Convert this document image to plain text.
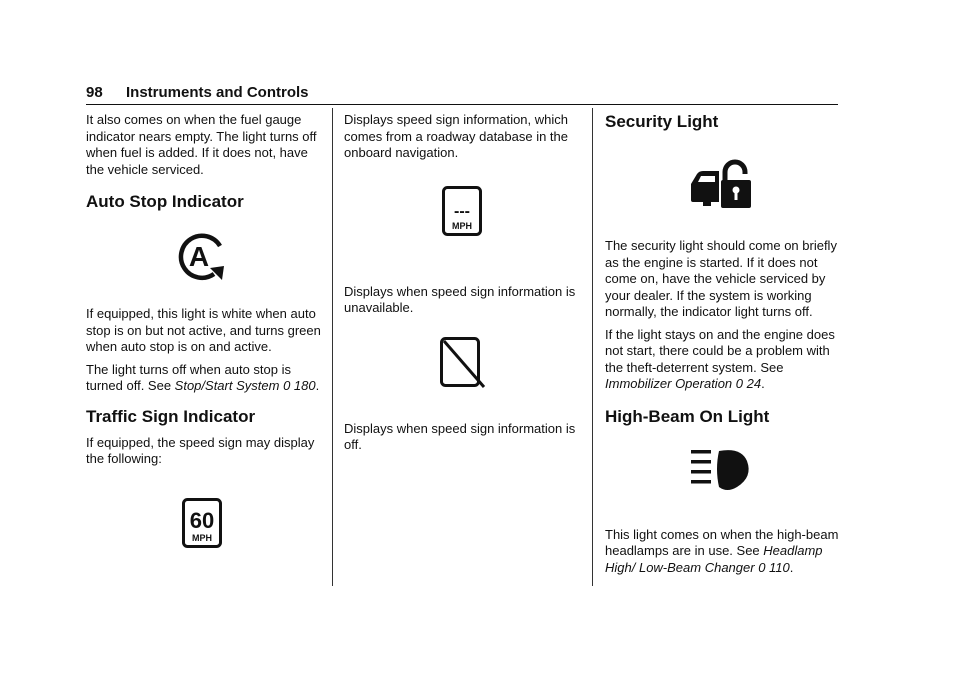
98 Instruments and Controls

It also comes on when the fuel gauge indicator nears empty. The light turns off when fuel is added. If it does not, have the vehicle serviced.

Auto Stop Indicator
A

If equipped, this light is white when auto stop is on but not active, and turns green when auto stop is on and active.

The light turns off when auto stop is turned off. See Stop/Start System 0 180.

Traffic Sign Indicator

If equipped, the speed sign may display the following:

60
MPH

Displays speed sign information, which comes from a roadway database in the onboard navigation.

---
MPH

Displays when speed sign information is unavailable.

Displays when speed sign information is off.

Security Light

The security light should come on briefly as the engine is started. If it does not come on, have the vehicle serviced by your dealer. If the system is working normally, the indicator light turns off.

If the light stays on and the engine does not start, there could be a problem with the theft-deterrent system. See Immobilizer Operation 0 24.

High-Beam On Light

This light comes on when the high-beam headlamps are in use. See Headlamp High/ Low-Beam Changer 0 110.
